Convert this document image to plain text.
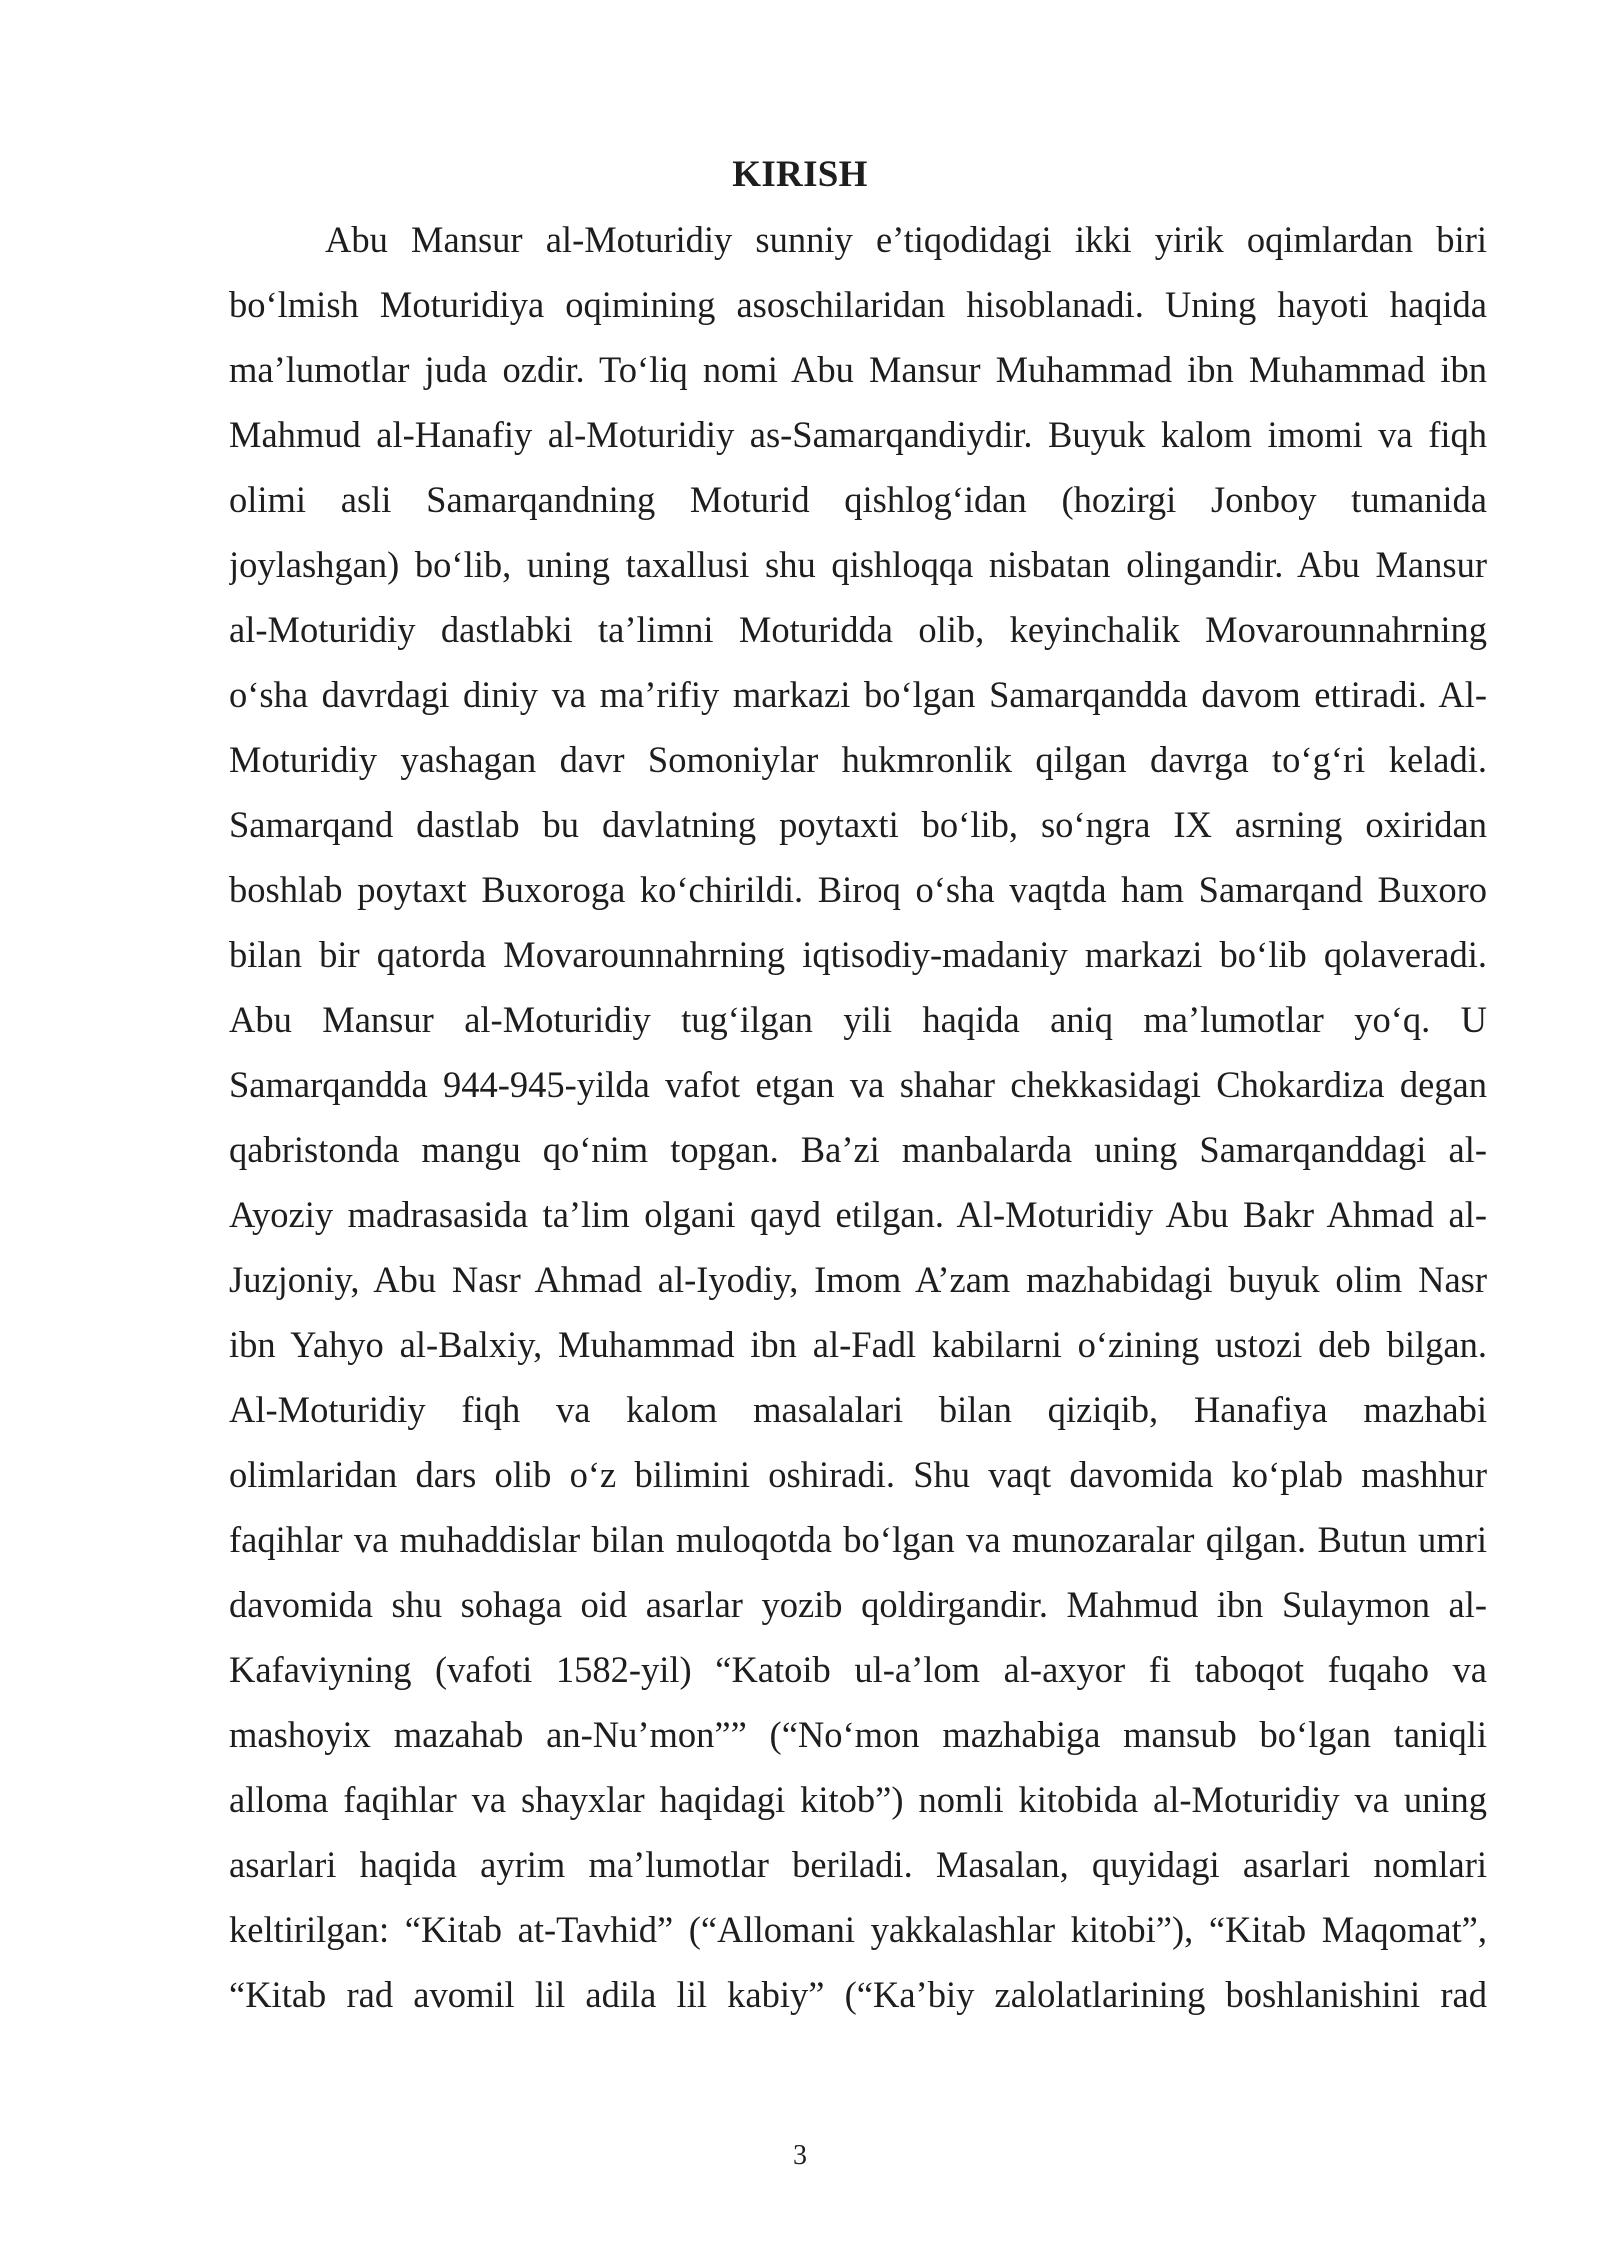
KIRISH
Abu Mansur al-Moturidiy sunniy e’tiqodidagi ikki yirik oqimlardan biri
bo‘lmish Moturidiya oqimining asoschilaridan hisoblanadi. Uning hayoti haqida
ma’lumotlar juda ozdir. To‘liq nomi Abu Mansur Muhammad ibn Muhammad ibn
Mahmud al-Hanafiy al-Moturidiy as-Samarqandiydir. Buyuk kalom imomi va fiqh
olimi asli Samarqandning Moturid qishlog‘idan (hozirgi Jonboy tumanida
joylashgan) bo‘lib, uning taxallusi shu qishloqqa nisbatan olingandir. Abu Mansur
al-Moturidiy dastlabki ta’limni Moturidda olib, keyinchalik Movarounnahrning
o‘sha davrdagi diniy va ma’rifiy markazi bo‘lgan Samarqandda davom ettiradi. Al-
Moturidiy yashagan davr Somoniylar hukmronlik qilgan davrga to‘g‘ri keladi.
Samarqand dastlab bu davlatning poytaxti bo‘lib, so‘ngra IX asrning oxiridan
boshlab poytaxt Buxoroga ko‘chirildi. Biroq o‘sha vaqtda ham Samarqand Buxoro
bilan bir qatorda Movarounnahrning iqtisodiy-madaniy markazi bo‘lib qolaveradi.
Abu Mansur al-Moturidiy tug‘ilgan yili haqida aniq ma’lumotlar yo‘q. U
Samarqandda 944-945-yilda vafot etgan va shahar chekkasidagi Chokardiza degan
qabristonda mangu qo‘nim topgan. Ba’zi manbalarda uning Samarqanddagi al-
Ayoziy madrasasida ta’lim olgani qayd etilgan. Al-Moturidiy Abu Bakr Ahmad al-
Juzjoniy, Abu Nasr Ahmad al-Iyodiy, Imom A’zam mazhabidagi buyuk olim Nasr
ibn Yahyo al-Balxiy, Muhammad ibn al-Fadl kabilarni o‘zining ustozi deb bilgan.
Al-Moturidiy fiqh va kalom masalalari bilan qiziqib, Hanafiya mazhabi
olimlaridan dars olib o‘z bilimini oshiradi. Shu vaqt davomida ko‘plab mashhur
faqihlar va muhaddislar bilan muloqotda bo‘lgan va munozaralar qilgan. Butun umri
davomida shu sohaga oid asarlar yozib qoldirgandir. Mahmud ibn Sulaymon al-
Kafaviyning (vafoti 1582-yil) “Katoib ul-a’lom al-axyor fi taboqot fuqaho va
mashoyix mazahab an-Nu’mon”” (“No‘mon mazhabiga mansub bo‘lgan taniqli
alloma faqihlar va shayxlar haqidagi kitob”) nomli kitobida al-Moturidiy va uning
asarlari haqida ayrim ma’lumotlar beriladi. Masalan, quyidagi asarlari nomlari
keltirilgan: “Kitab at-Tavhid” (“Allomani yakkalashlar kitobi”), “Kitab Maqomat”,
“Kitab rad avomil lil adila lil kabiy” (“Ka’biy zalolatlarining boshlanishini rad
3
